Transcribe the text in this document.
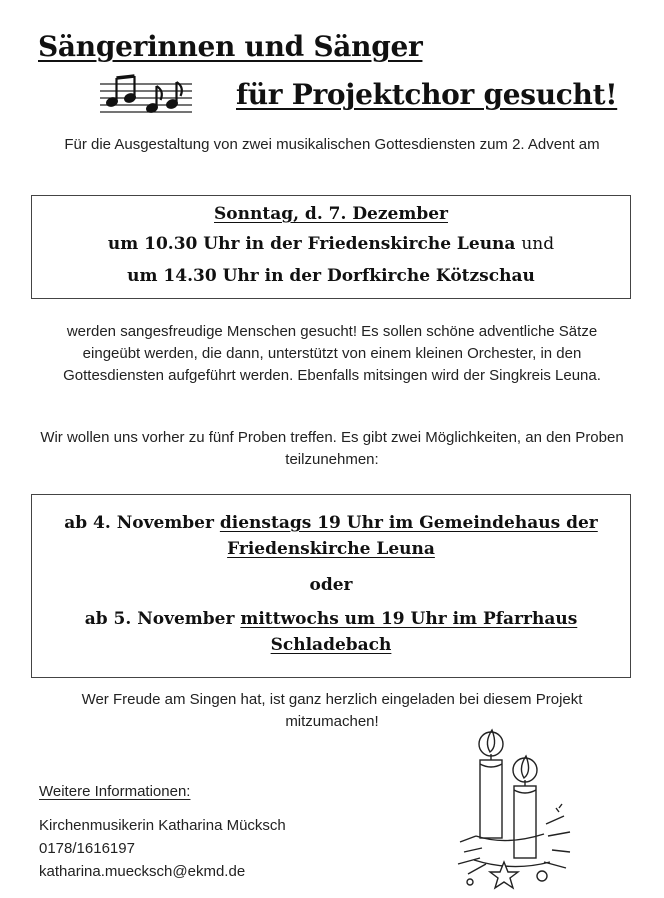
Sängerinnen und Sänger
für Projektchor gesucht!
Für die Ausgestaltung von zwei musikalischen Gottesdiensten zum 2. Advent am
Sonntag, d. 7. Dezember
um 10.30 Uhr in der Friedenskirche Leuna und
um 14.30 Uhr in der Dorfkirche Kötzschau
werden sangesfreudige Menschen gesucht! Es sollen schöne adventliche Sätze eingeübt werden, die dann, unterstützt von einem kleinen Orchester, in den Gottesdiensten aufgeführt werden. Ebenfalls mitsingen wird der Singkreis Leuna.
Wir wollen uns vorher zu fünf Proben treffen. Es gibt zwei Möglichkeiten, an den Proben teilzunehmen:
ab 4. November dienstags 19 Uhr im Gemeindehaus der
Friedenskirche Leuna
oder
ab 5. November mittwochs um 19 Uhr im Pfarrhaus
Schladebach
Wer Freude am Singen hat, ist ganz herzlich eingeladen bei diesem Projekt mitzumachen!
Weitere Informationen:
Kirchenmusikerin Katharina Mücksch
0178/1616197
katharina.muecksch@ekmd.de
